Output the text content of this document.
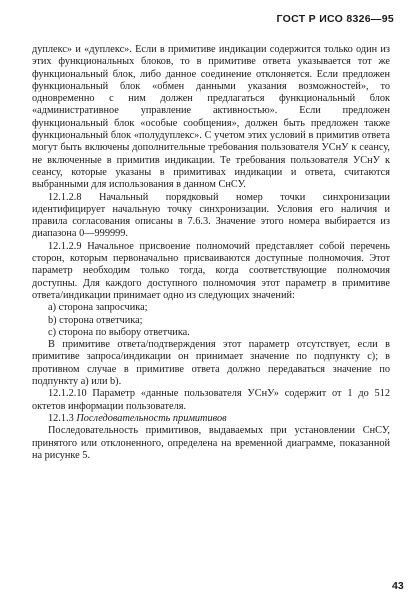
ГОСТ Р ИСО 8326—95

дуплекс» и «дуплекс». Если в примитиве индикации содержится только один из этих функциональных блоков, то в примитиве ответа указывается тот же функциональный блок, либо данное соединение отклоняется. Если предложен функциональный блок «обмен данными указания возможностей», то одновременно с ним должен предлагаться функциональный блок «административное управление активностью». Если предложен функциональный блок «особые сообщения», должен быть предложен также функциональный блок «полудуплекс». С учетом этих условий в примитив ответа могут быть включены дополнительные требования пользователя УСнУ к сеансу, не включенные в примитив индикации. Те требования пользователя УСнУ к сеансу, которые указаны в примитивах индикации и ответа, считаются выбранными для использования в данном СнСУ.

12.1.2.8 Начальный порядковый номер точки синхронизации идентифицирует начальную точку синхронизации. Условия его наличия и правила согласования описаны в 7.6.3. Значение этого номера выбирается из диапазона 0—999999.

12.1.2.9 Начальное присвоение полномочий представляет собой перечень сторон, которым первоначально присваиваются доступные полномочия. Этот параметр необходим только тогда, когда соответствующие полномочия доступны. Для каждого доступного полномочия этот параметр в примитиве ответа/индикации принимает одно из следующих значений:

а) сторона запросчика;

b) сторона ответчика;

с) сторона по выбору ответчика.

В примитиве ответа/подтверждения этот параметр отсутствует, если в примитиве запроса/индикации он принимает значение по подпункту с); в противном случае в примитиве ответа должно передаваться значение по подпункту а) или b).

12.1.2.10 Параметр «данные пользователя УСнУ» содержит от 1 до 512 октетов информации пользователя.

12.1.3 Последовательность примитивов

Последовательность примитивов, выдаваемых при установлении СнСУ, принятого или отклоненного, определена на временной диаграмме, показанной на рисунке 5.

43
